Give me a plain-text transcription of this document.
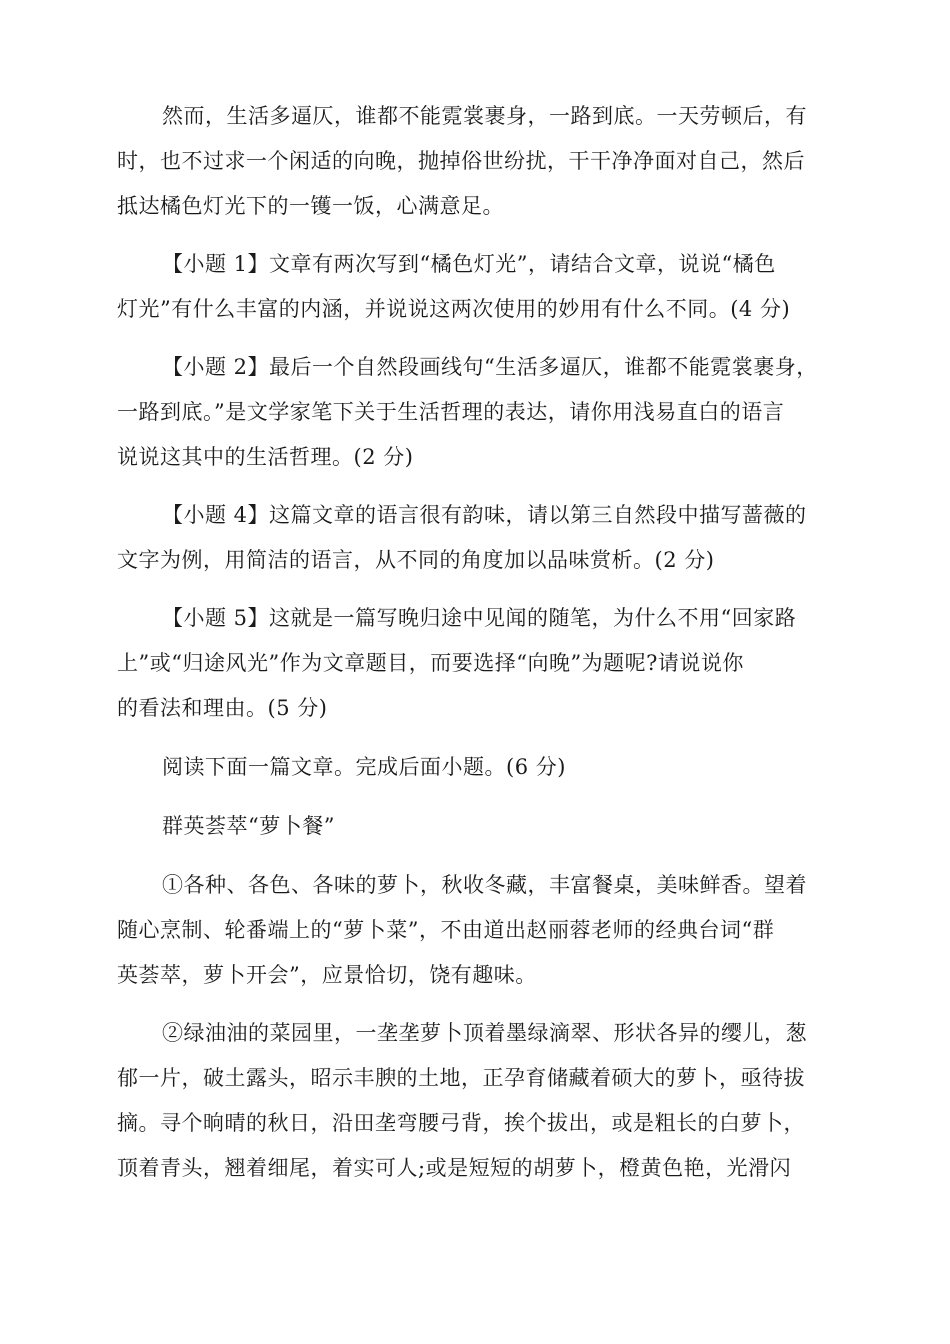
然而，生活多逼仄，谁都不能霓裳裹身，一路到底。一天劳顿后，有
时，也不过求一个闲适的向晚，抛掉俗世纷扰，干干净净面对自己，然后
抵达橘色灯光下的一镬一饭，心满意足。
【小题 1】文章有两次写到“橘色灯光”，请结合文章，说说“橘色
灯光”有什么丰富的内涵，并说说这两次使用的妙用有什么不同。(4 分)
【小题 2】最后一个自然段画线句“生活多逼仄，谁都不能霓裳裹身，
一路到底。”是文学家笔下关于生活哲理的表达，请你用浅易直白的语言
说说这其中的生活哲理。(2 分)
【小题 4】这篇文章的语言很有韵味，请以第三自然段中描写蔷薇的
文字为例，用简洁的语言，从不同的角度加以品味赏析。(2 分)
【小题 5】这就是一篇写晚归途中见闻的随笔，为什么不用“回家路
上”或“归途风光”作为文章题目，而要选择“向晚”为题呢?请说说你
的看法和理由。(5 分)
阅读下面一篇文章。完成后面小题。(6 分)
群英荟萃“萝卜餐”
①各种、各色、各味的萝卜，秋收冬藏，丰富餐桌，美味鲜香。望着
随心烹制、轮番端上的“萝卜菜”，不由道出赵丽蓉老师的经典台词“群
英荟萃，萝卜开会”，应景恰切，饶有趣味。
②绿油油的菜园里，一垄垄萝卜顶着墨绿滴翠、形状各异的缨儿，葱
郁一片，破土露头，昭示丰腴的土地，正孕育储藏着硕大的萝卜，亟待拔
摘。寻个晌晴的秋日，沿田垄弯腰弓背，挨个拔出，或是粗长的白萝卜，
顶着青头，翘着细尾，着实可人;或是短短的胡萝卜，橙黄色艳，光滑闪
